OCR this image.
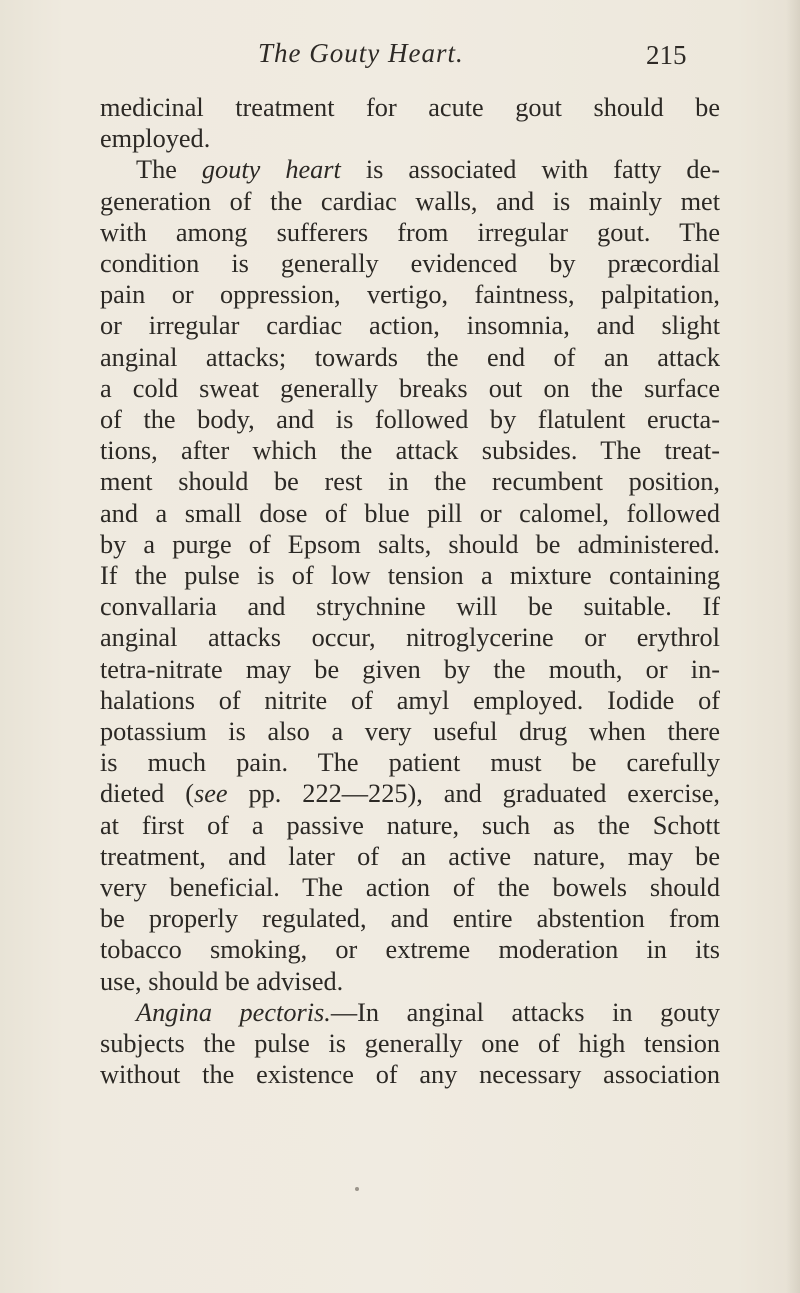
The Gouty Heart.	215
medicinal treatment for acute gout should be
employed.
The gouty heart is associated with fatty de-
generation of the cardiac walls, and is mainly met
with among sufferers from irregular gout. The
condition is generally evidenced by præcordial
pain or oppression, vertigo, faintness, palpitation,
or irregular cardiac action, insomnia, and slight
anginal attacks; towards the end of an attack
a cold sweat generally breaks out on the surface
of the body, and is followed by flatulent eructa-
tions, after which the attack subsides. The treat-
ment should be rest in the recumbent position,
and a small dose of blue pill or calomel, followed
by a purge of Epsom salts, should be administered.
If the pulse is of low tension a mixture containing
convallaria and strychnine will be suitable. If
anginal attacks occur, nitroglycerine or erythrol
tetra-nitrate may be given by the mouth, or in-
halations of nitrite of amyl employed. Iodide of
potassium is also a very useful drug when there
is much pain. The patient must be carefully
dieted (see pp. 222—225), and graduated exercise,
at first of a passive nature, such as the Schott
treatment, and later of an active nature, may be
very beneficial. The action of the bowels should
be properly regulated, and entire abstention from
tobacco smoking, or extreme moderation in its
use, should be advised.
Angina pectoris.—In anginal attacks in gouty
subjects the pulse is generally one of high tension
without the existence of any necessary association
